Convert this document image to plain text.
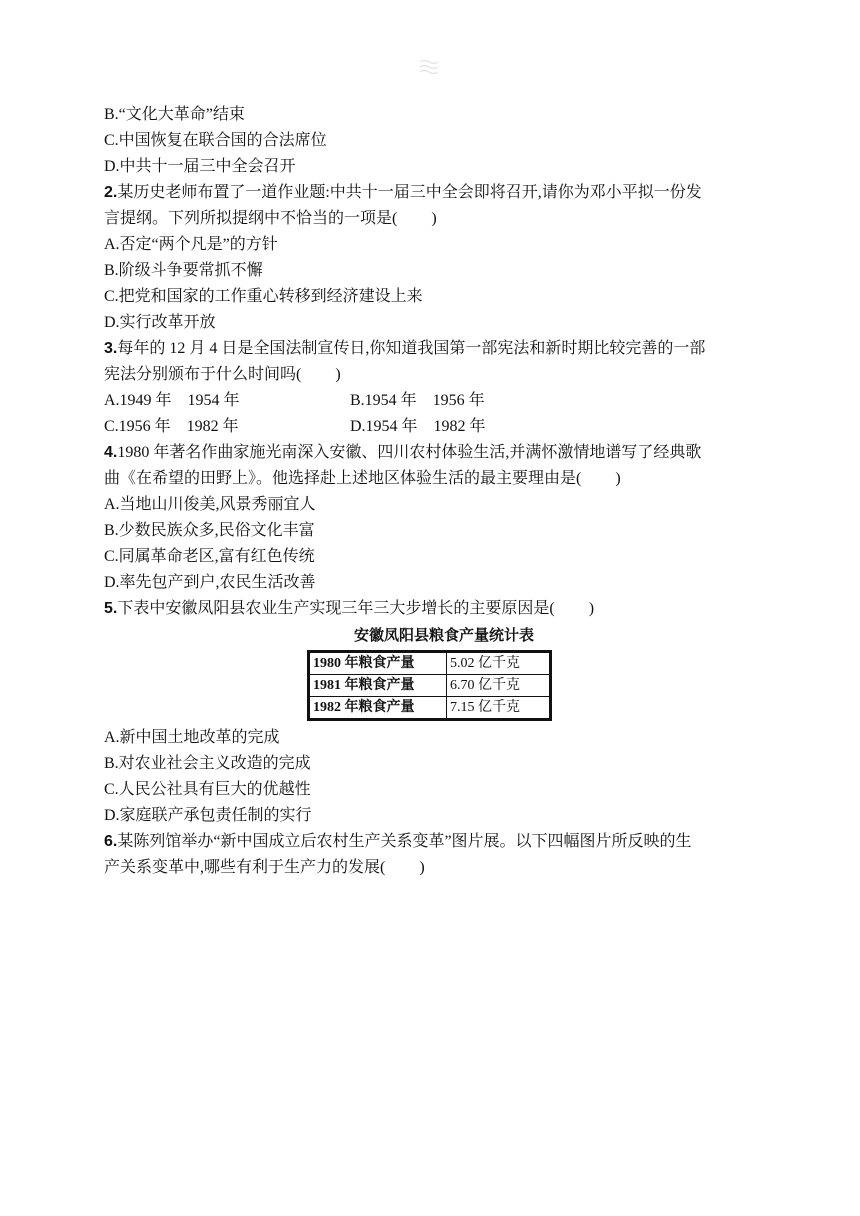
B.“文化大革命”结束
C.中国恢复在联合国的合法席位
D.中共十一届三中全会召开
2.某历史老师布置了一道作业题:中共十一届三中全会即将召开,请你为邓小平拟一份发
言提纲。下列所拟提纲中不恰当的一项是( )
A.否定“两个凡是”的方针
B.阶级斗争要常抓不懈
C.把党和国家的工作重心转移到经济建设上来
D.实行改革开放
3.每年的 12 月 4 日是全国法制宣传日,你知道我国第一部宪法和新时期比较完善的一部
宪法分别颁布于什么时间吗( )
A.1949 年　1954 年	B.1954 年　1956 年
C.1956 年　1982 年	D.1954 年　1982 年
4.1980 年著名作曲家施光南深入安徽、四川农村体验生活,并满怀激情地谱写了经典歌
曲《在希望的田野上》。他选择赴上述地区体验生活的最主要理由是( )
A.当地山川俊美,风景秀丽宜人
B.少数民族众多,民俗文化丰富
C.同属革命老区,富有红色传统
D.率先包产到户,农民生活改善
5.下表中安徽凤阳县农业生产实现三年三大步增长的主要原因是( )
安徽凤阳县粮食产量统计表
1980 年粮食产量	5.02 亿千克
1981 年粮食产量	6.70 亿千克
1982 年粮食产量	7.15 亿千克
A.新中国土地改革的完成
B.对农业社会主义改造的完成
C.人民公社具有巨大的优越性
D.家庭联产承包责任制的实行
6.某陈列馆举办“新中国成立后农村生产关系变革”图片展。以下四幅图片所反映的生
产关系变革中,哪些有利于生产力的发展( )
